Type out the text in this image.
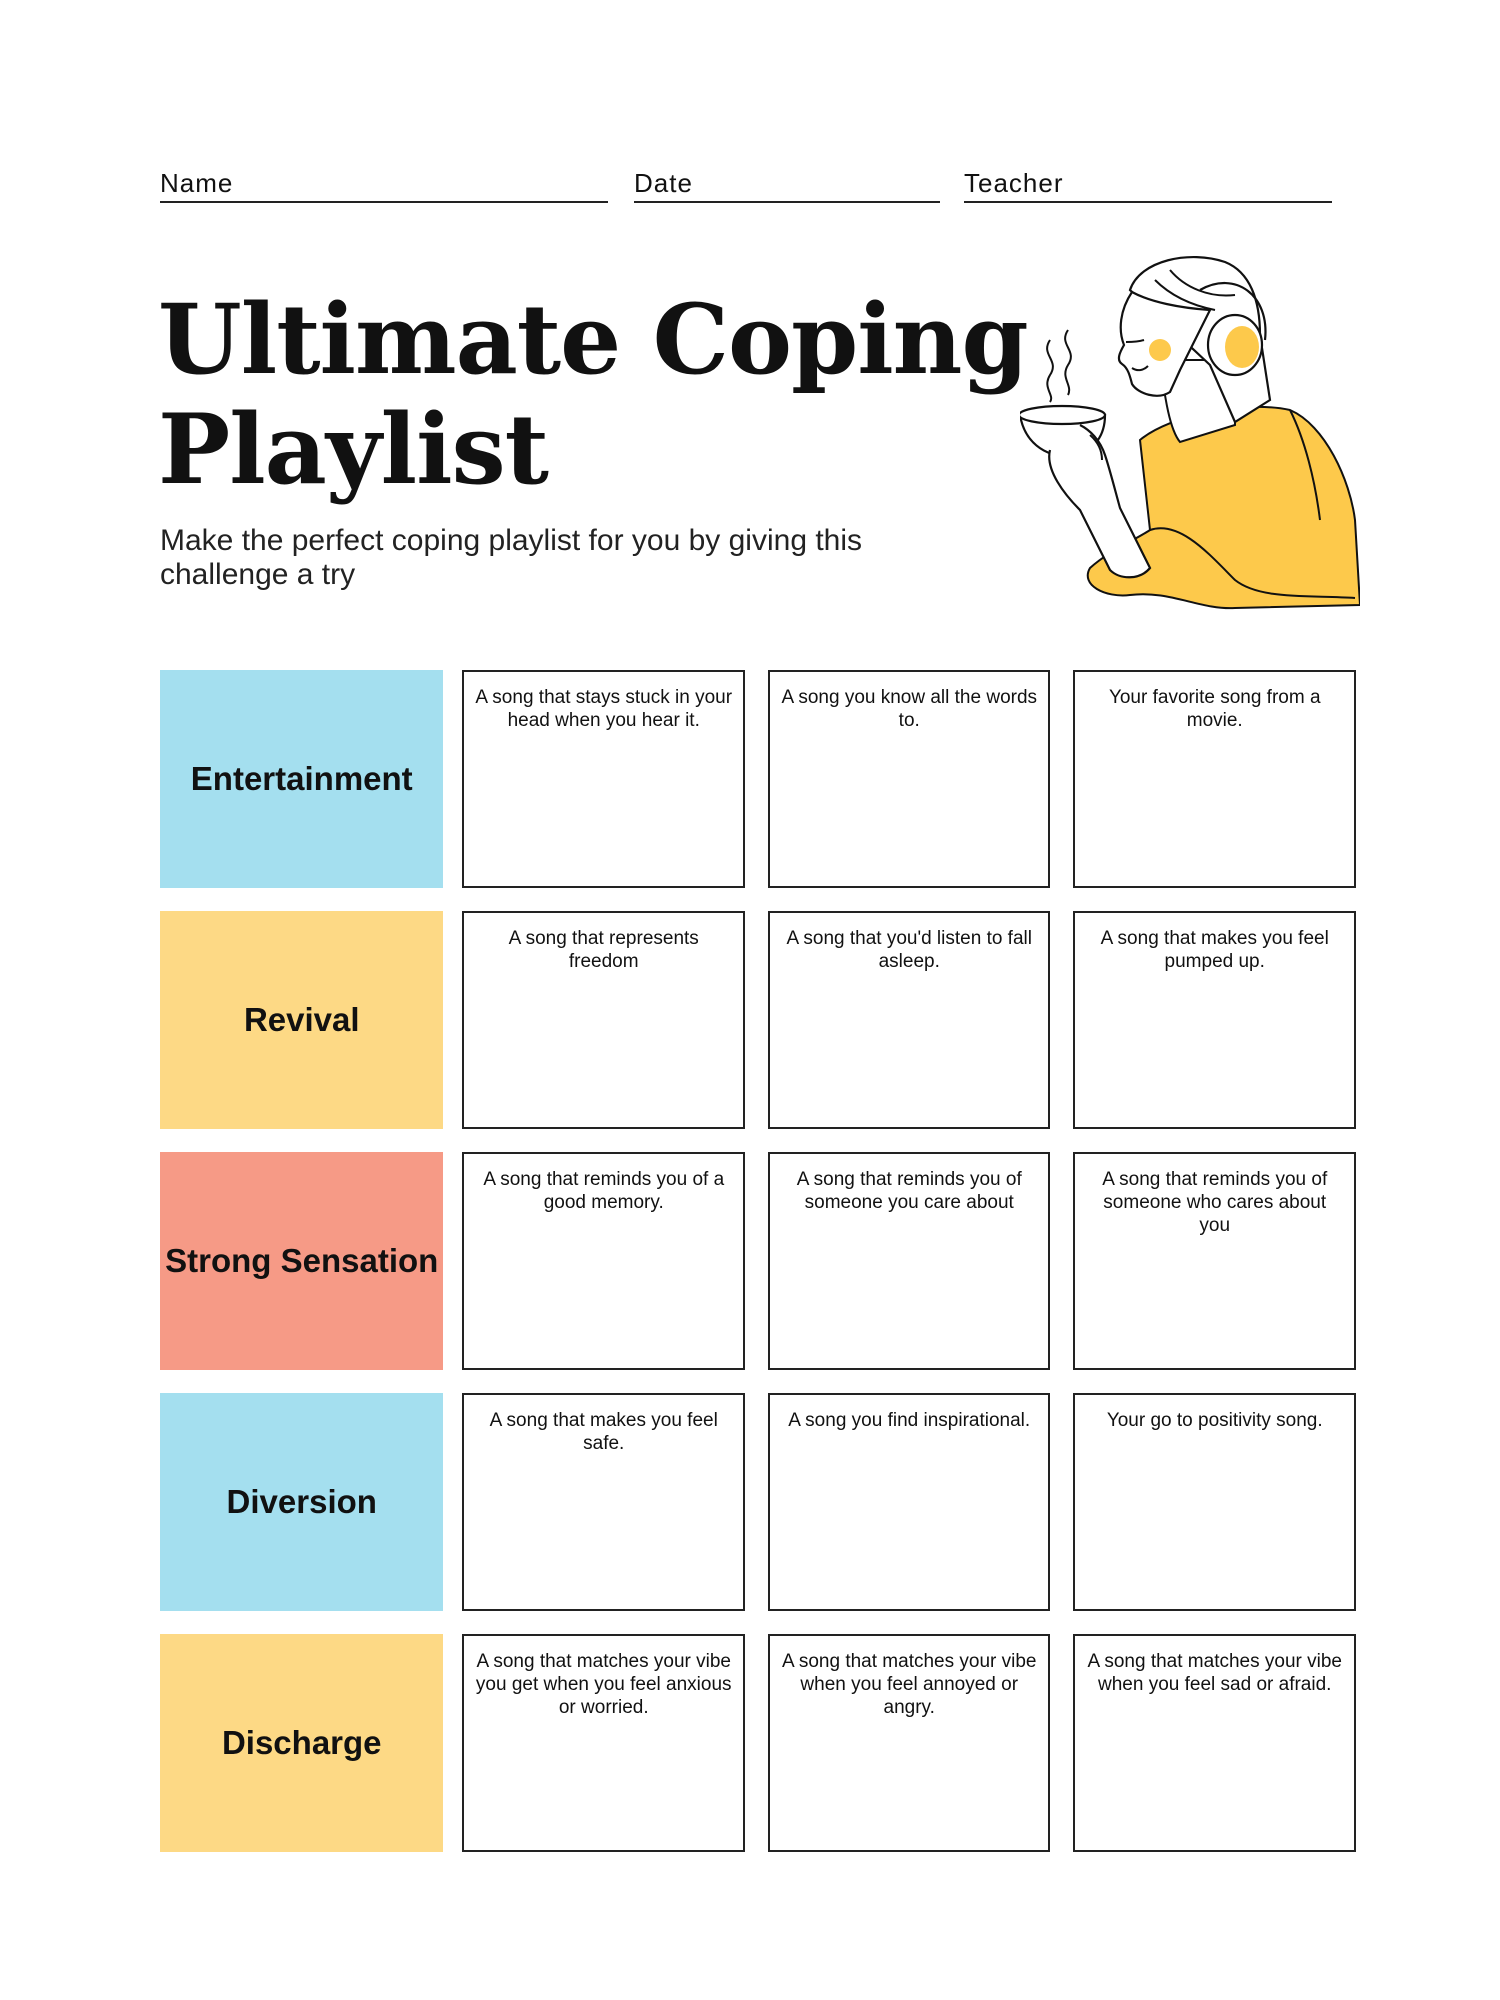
Name	Date	Teacher
Ultimate Coping
Playlist

Make the perfect coping playlist for you by giving this challenge a try

Entertainment
A song that stays stuck in your head when you hear it.
A song you know all the words to.
Your favorite song from a movie.
Revival
A song that represents freedom
A song that you'd listen to fall asleep.
A song that makes you feel pumped up.
Strong Sensation
A song that reminds you of a good memory.
A song that reminds you of someone you care about
A song that reminds you of someone who cares about you
Diversion
A song that makes you feel safe.
A song you find inspirational.	Your go to positivity song.
Discharge
A song that matches your vibe you get when you feel anxious or worried.
A song that matches your vibe when you feel annoyed or angry.
A song that matches your vibe when you feel sad or afraid.
